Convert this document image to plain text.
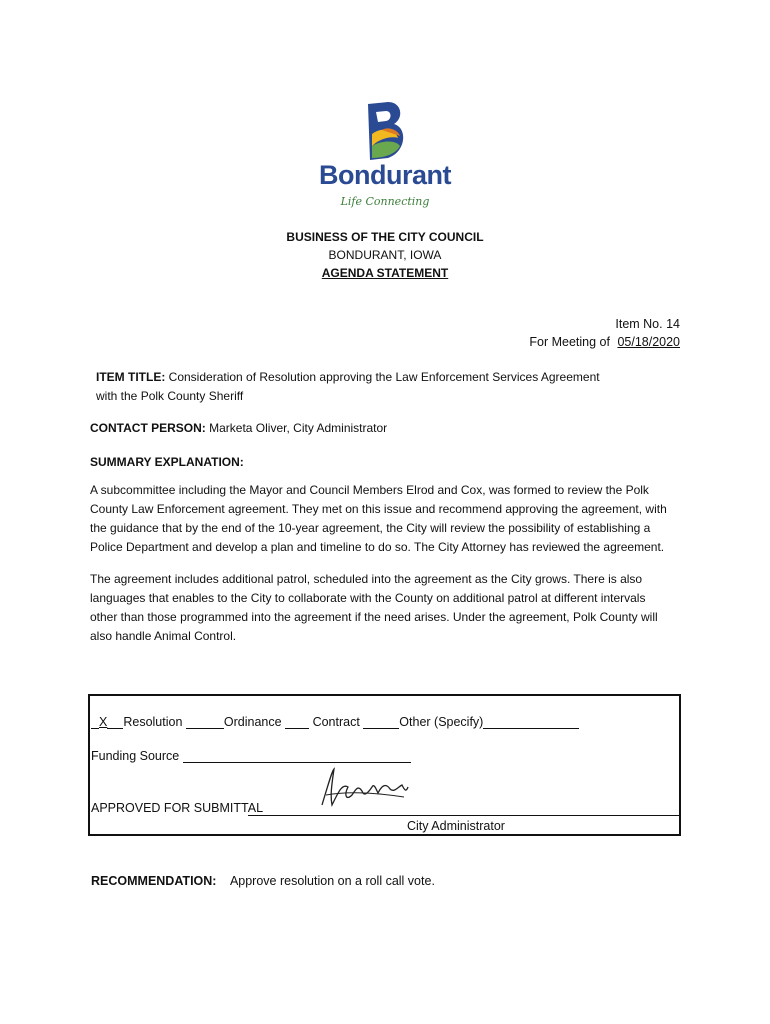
Bondurant
Life Connecting
BUSINESS OF THE CITY COUNCIL
BONDURANT, IOWA
AGENDA STATEMENT
Item No. 14
For Meeting of 05/18/2020
ITEM TITLE: Consideration of Resolution approving the Law Enforcement Services Agreement
with the Polk County Sheriff
CONTACT PERSON: Marketa Oliver, City Administrator
SUMMARY EXPLANATION:
A subcommittee including the Mayor and Council Members Elrod and Cox, was formed to review the Polk
County Law Enforcement agreement. They met on this issue and recommend approving the agreement, with
the guidance that by the end of the 10-year agreement, the City will review the possibility of establishing a
Police Department and develop a plan and timeline to do so. The City Attorney has reviewed the agreement.
The agreement includes additional patrol, scheduled into the agreement as the City grows. There is also
languages that enables to the City to collaborate with the County on additional patrol at different intervals
other than those programmed into the agreement if the need arises. Under the agreement, Polk County will
also handle Animal Control.
X Resolution	Ordinance Contract	Other (Specify)
Funding Source
APPROVED FOR SUBMITTAL
City Administrator
RECOMMENDATION: Approve resolution on a roll call vote.
